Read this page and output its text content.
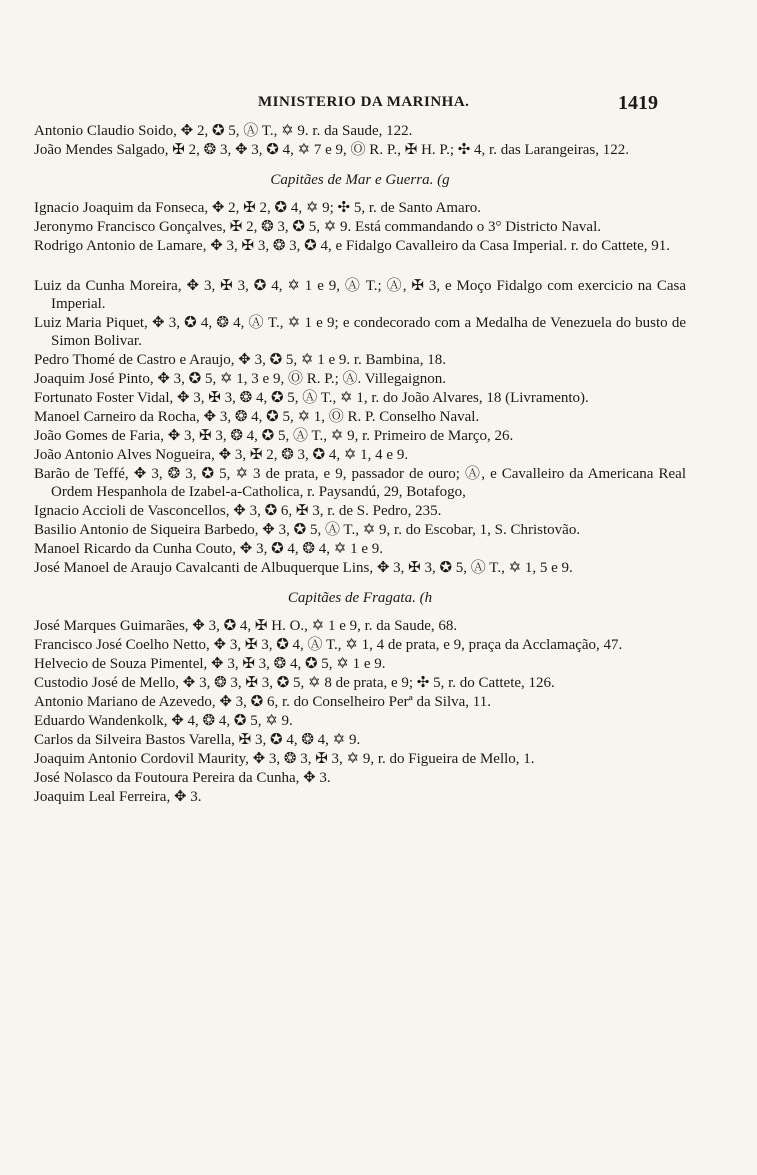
MINISTERIO DA MARINHA.	1419

Antonio Claudio Soido, ✥ 2, ✪ 5, Ⓐ T., ✡ 9. r. da Saude, 122.

João Mendes Salgado, ✠ 2, ❂ 3, ✥ 3, ✪ 4, ✡ 7 e 9, Ⓞ R. P., ✠ H. P.; ✣ 4, r. das Larangeiras, 122.

Capitães de Mar e Guerra. (g

Ignacio Joaquim da Fonseca, ✥ 2, ✠ 2, ✪ 4, ✡ 9; ✣ 5, r. de Santo Amaro.

Jeronymo Francisco Gonçalves, ✠ 2, ❂ 3, ✪ 5, ✡ 9. Está commandando o 3° Districto Naval.

Rodrigo Antonio de Lamare, ✥ 3, ✠ 3, ❂ 3, ✪ 4, e Fidalgo Cavalleiro da Casa Imperial. r. do Cattete, 91.

Luiz da Cunha Moreira, ✥ 3, ✠ 3, ✪ 4, ✡ 1 e 9, Ⓐ T.; Ⓐ, ✠ 3, e Moço Fidalgo com exercicio na Casa Imperial.

Luiz Maria Piquet, ✥ 3, ✪ 4, ❂ 4, Ⓐ T., ✡ 1 e 9; e condecorado com a Medalha de Venezuela do busto de Simon Bolivar.

Pedro Thomé de Castro e Araujo, ✥ 3, ✪ 5, ✡ 1 e 9. r. Bambina, 18.

Joaquim José Pinto, ✥ 3, ✪ 5, ✡ 1, 3 e 9, Ⓞ R. P.; Ⓐ. Villegaignon.

Fortunato Foster Vidal, ✥ 3, ✠ 3, ❂ 4, ✪ 5, Ⓐ T., ✡ 1, r. do João Alvares, 18 (Livramento).

Manoel Carneiro da Rocha, ✥ 3, ❂ 4, ✪ 5, ✡ 1, Ⓞ R. P. Conselho Naval.

João Gomes de Faria, ✥ 3, ✠ 3, ❂ 4, ✪ 5, Ⓐ T., ✡ 9, r. Primeiro de Março, 26.

João Antonio Alves Nogueira, ✥ 3, ✠ 2, ❂ 3, ✪ 4, ✡ 1, 4 e 9.

Barão de Teffé, ✥ 3, ❂ 3, ✪ 5, ✡ 3 de prata, e 9, passador de ouro; Ⓐ, e Cavalleiro da Americana Real Ordem Hespanhola de Izabel-a-Catholica, r. Paysandú, 29, Botafogo,

Ignacio Accioli de Vasconcellos, ✥ 3, ✪ 6, ✠ 3, r. de S. Pedro, 235.

Basilio Antonio de Siqueira Barbedo, ✥ 3, ✪ 5, Ⓐ T., ✡ 9, r. do Escobar, 1, S. Christovão.

Manoel Ricardo da Cunha Couto, ✥ 3, ✪ 4, ❂ 4, ✡ 1 e 9.

José Manoel de Araujo Cavalcanti de Albuquerque Lins, ✥ 3, ✠ 3, ✪ 5, Ⓐ T., ✡ 1, 5 e 9.

Capitães de Fragata. (h

José Marques Guimarães, ✥ 3, ✪ 4, ✠ H. O., ✡ 1 e 9, r. da Saude, 68.

Francisco José Coelho Netto, ✥ 3, ✠ 3, ✪ 4, Ⓐ T., ✡ 1, 4 de prata, e 9, praça da Acclamação, 47.

Helvecio de Souza Pimentel, ✥ 3, ✠ 3, ❂ 4, ✪ 5, ✡ 1 e 9.

Custodio José de Mello, ✥ 3, ❂ 3, ✠ 3, ✪ 5, ✡ 8 de prata, e 9; ✣ 5, r. do Cattete, 126.

Antonio Mariano de Azevedo, ✥ 3, ✪ 6, r. do Conselheiro Perª da Silva, 11.

Eduardo Wandenkolk, ✥ 4, ❂ 4, ✪ 5, ✡ 9.

Carlos da Silveira Bastos Varella, ✠ 3, ✪ 4, ❂ 4, ✡ 9.

Joaquim Antonio Cordovil Maurity, ✥ 3, ❂ 3, ✠ 3, ✡ 9, r. do Figueira de Mello, 1.

José Nolasco da Foutoura Pereira da Cunha, ✥ 3.

Joaquim Leal Ferreira, ✥ 3.
